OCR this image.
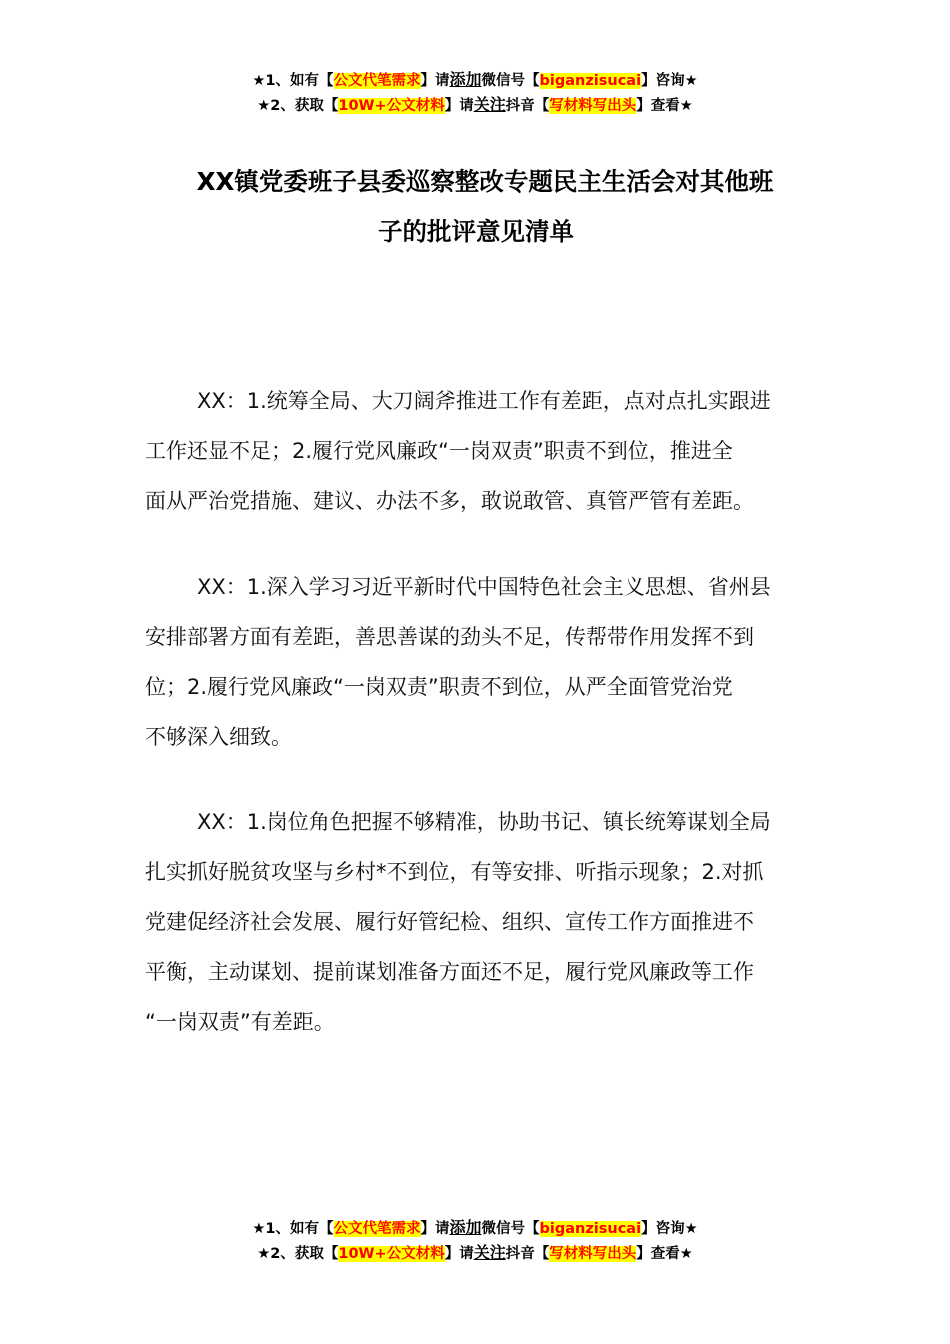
★1、如有【公文代笔需求】请添加微信号【biganzisucai】咨询★
★2、获取【10W+公文材料】请关注抖音【写材料写出头】查看★
XX镇党委班子县委巡察整改专题民主生活会对其他班
子的批评意见清单
XX：1.统筹全局、大刀阔斧推进工作有差距，点对点扎实跟进
工作还显不足；2.履行党风廉政“一岗双责”职责不到位，推进全
面从严治党措施、建议、办法不多，敢说敢管、真管严管有差距。
XX：1.深入学习习近平新时代中国特色社会主义思想、省州县
安排部署方面有差距，善思善谋的劲头不足，传帮带作用发挥不到
位；2.履行党风廉政“一岗双责”职责不到位，从严全面管党治党
不够深入细致。
XX：1.岗位角色把握不够精准，协助书记、镇长统筹谋划全局
扎实抓好脱贫攻坚与乡村*不到位，有等安排、听指示现象；2.对抓
党建促经济社会发展、履行好管纪检、组织、宣传工作方面推进不
平衡，主动谋划、提前谋划准备方面还不足，履行党风廉政等工作
“一岗双责”有差距。
★1、如有【公文代笔需求】请添加微信号【biganzisucai】咨询★
★2、获取【10W+公文材料】请关注抖音【写材料写出头】查看★
